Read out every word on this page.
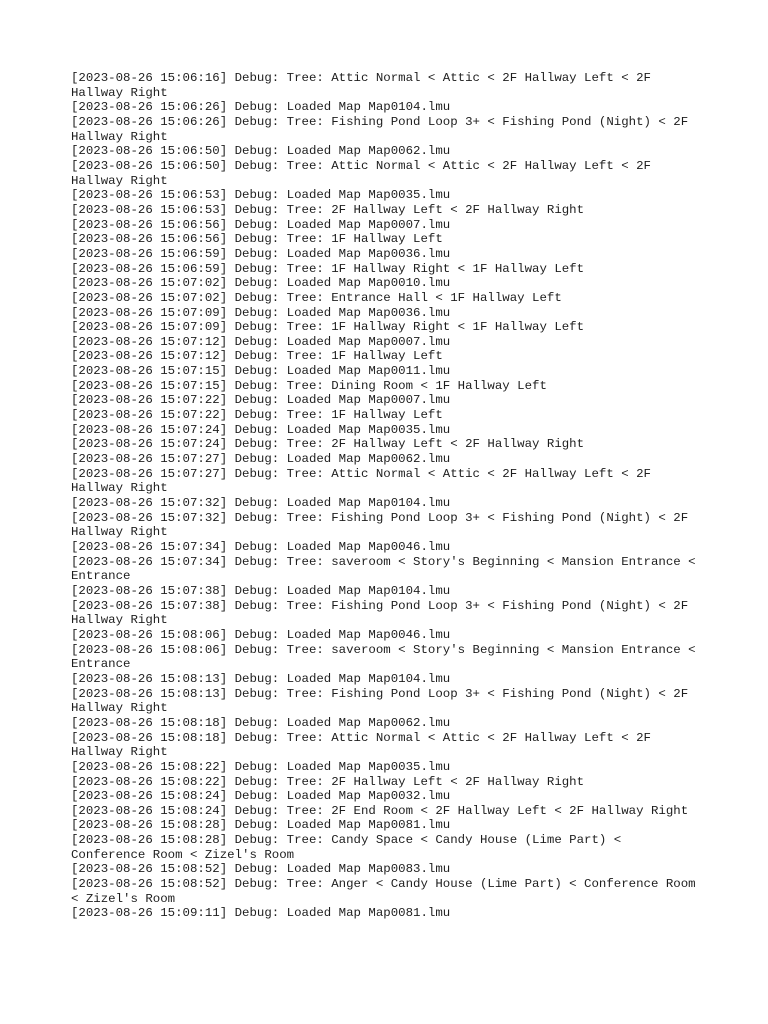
[2023-08-26 15:06:16] Debug: Tree: Attic Normal < Attic < 2F Hallway Left < 2F Hallway Right
[2023-08-26 15:06:26] Debug: Loaded Map Map0104.lmu
[2023-08-26 15:06:26] Debug: Tree: Fishing Pond Loop 3+ < Fishing Pond (Night) < 2F Hallway Right
[2023-08-26 15:06:50] Debug: Loaded Map Map0062.lmu
[2023-08-26 15:06:50] Debug: Tree: Attic Normal < Attic < 2F Hallway Left < 2F Hallway Right
[2023-08-26 15:06:53] Debug: Loaded Map Map0035.lmu
[2023-08-26 15:06:53] Debug: Tree: 2F Hallway Left < 2F Hallway Right
[2023-08-26 15:06:56] Debug: Loaded Map Map0007.lmu
[2023-08-26 15:06:56] Debug: Tree: 1F Hallway Left
[2023-08-26 15:06:59] Debug: Loaded Map Map0036.lmu
[2023-08-26 15:06:59] Debug: Tree: 1F Hallway Right < 1F Hallway Left
[2023-08-26 15:07:02] Debug: Loaded Map Map0010.lmu
[2023-08-26 15:07:02] Debug: Tree: Entrance Hall < 1F Hallway Left
[2023-08-26 15:07:09] Debug: Loaded Map Map0036.lmu
[2023-08-26 15:07:09] Debug: Tree: 1F Hallway Right < 1F Hallway Left
[2023-08-26 15:07:12] Debug: Loaded Map Map0007.lmu
[2023-08-26 15:07:12] Debug: Tree: 1F Hallway Left
[2023-08-26 15:07:15] Debug: Loaded Map Map0011.lmu
[2023-08-26 15:07:15] Debug: Tree: Dining Room < 1F Hallway Left
[2023-08-26 15:07:22] Debug: Loaded Map Map0007.lmu
[2023-08-26 15:07:22] Debug: Tree: 1F Hallway Left
[2023-08-26 15:07:24] Debug: Loaded Map Map0035.lmu
[2023-08-26 15:07:24] Debug: Tree: 2F Hallway Left < 2F Hallway Right
[2023-08-26 15:07:27] Debug: Loaded Map Map0062.lmu
[2023-08-26 15:07:27] Debug: Tree: Attic Normal < Attic < 2F Hallway Left < 2F Hallway Right
[2023-08-26 15:07:32] Debug: Loaded Map Map0104.lmu
[2023-08-26 15:07:32] Debug: Tree: Fishing Pond Loop 3+ < Fishing Pond (Night) < 2F Hallway Right
[2023-08-26 15:07:34] Debug: Loaded Map Map0046.lmu
[2023-08-26 15:07:34] Debug: Tree: saveroom < Story's Beginning < Mansion Entrance < Entrance
[2023-08-26 15:07:38] Debug: Loaded Map Map0104.lmu
[2023-08-26 15:07:38] Debug: Tree: Fishing Pond Loop 3+ < Fishing Pond (Night) < 2F Hallway Right
[2023-08-26 15:08:06] Debug: Loaded Map Map0046.lmu
[2023-08-26 15:08:06] Debug: Tree: saveroom < Story's Beginning < Mansion Entrance < Entrance
[2023-08-26 15:08:13] Debug: Loaded Map Map0104.lmu
[2023-08-26 15:08:13] Debug: Tree: Fishing Pond Loop 3+ < Fishing Pond (Night) < 2F Hallway Right
[2023-08-26 15:08:18] Debug: Loaded Map Map0062.lmu
[2023-08-26 15:08:18] Debug: Tree: Attic Normal < Attic < 2F Hallway Left < 2F Hallway Right
[2023-08-26 15:08:22] Debug: Loaded Map Map0035.lmu
[2023-08-26 15:08:22] Debug: Tree: 2F Hallway Left < 2F Hallway Right
[2023-08-26 15:08:24] Debug: Loaded Map Map0032.lmu
[2023-08-26 15:08:24] Debug: Tree: 2F End Room < 2F Hallway Left < 2F Hallway Right
[2023-08-26 15:08:28] Debug: Loaded Map Map0081.lmu
[2023-08-26 15:08:28] Debug: Tree: Candy Space < Candy House (Lime Part) < Conference Room < Zizel's Room
[2023-08-26 15:08:52] Debug: Loaded Map Map0083.lmu
[2023-08-26 15:08:52] Debug: Tree: Anger < Candy House (Lime Part) < Conference Room < Zizel's Room
[2023-08-26 15:09:11] Debug: Loaded Map Map0081.lmu
